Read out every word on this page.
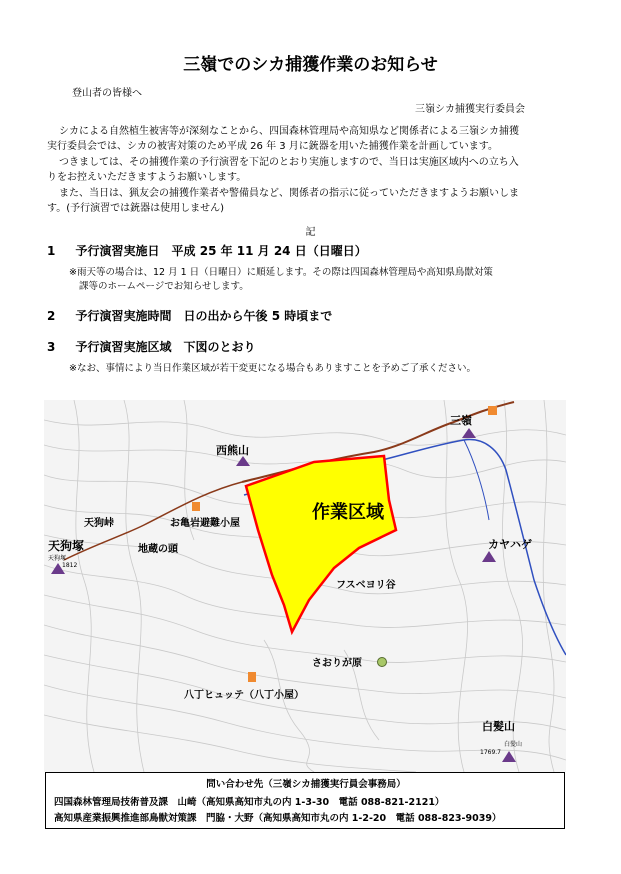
三嶺でのシカ捕獲作業のお知らせ
登山者の皆様へ
三嶺シカ捕獲実行委員会
シカによる自然植生被害等が深刻なことから、四国森林管理局や高知県など関係者による三嶺シカ捕獲
実行委員会では、シカの被害対策のため平成 26 年 3 月に銃器を用いた捕獲作業を計画しています。
つきましては、その捕獲作業の予行演習を下記のとおり実施しますので、当日は実施区域内への立ち入
りをお控えいただきますようお願いします。
また、当日は、猟友会の捕獲作業者や警備員など、関係者の指示に従っていただきますようお願いしま
す。(予行演習では銃器は使用しません)
記
1 予行演習実施日　平成 25 年 11 月 24 日（日曜日）
※雨天等の場合は、12 月 1 日（日曜日）に順延します。その際は四国森林管理局や高知県鳥獣対策
課等のホームページでお知らせします。
2 予行演習実施時間　日の出から午後 5 時頃まで
3 予行演習実施区域　下図のとおり
※なお、事情により当日作業区域が若干変更になる場合もありますことを予めご了承ください。
作業区域
三嶺
西熊山
天狗峠	お亀岩避難小屋
天狗塚
天狗塚
1812
地蔵の頭	カヤハゲ
フスベヨリ谷
さおりが原
八丁ヒュッテ（八丁小屋）
白髪山
白髪山
1769.7
問い合わせ先（三嶺シカ捕獲実行員会事務局）
四国森林管理局技術普及課　山崎（高知県高知市丸の内 1-3-30　電話 088-821-2121）
高知県産業振興推進部鳥獣対策課　門脇・大野（高知県高知市丸の内 1-2-20　電話 088-823-9039）
